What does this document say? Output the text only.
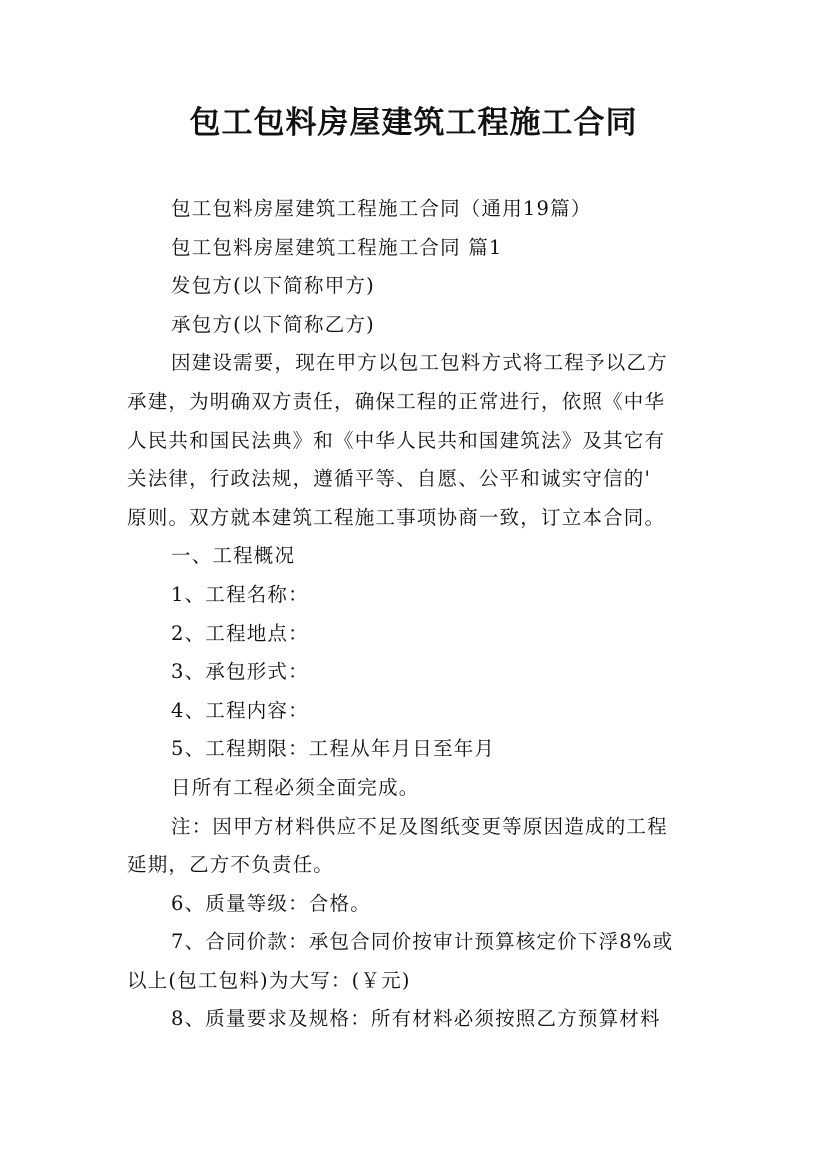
包工包料房屋建筑工程施工合同
包工包料房屋建筑工程施工合同（通用19篇）
包工包料房屋建筑工程施工合同 篇1
发包方(以下简称甲方)
承包方(以下简称乙方)
因建设需要，现在甲方以包工包料方式将工程予以乙方
承建，为明确双方责任，确保工程的正常进行，依照《中华
人民共和国民法典》和《中华人民共和国建筑法》及其它有
关法律，行政法规，遵循平等、自愿、公平和诚实守信的'
原则。双方就本建筑工程施工事项协商一致，订立本合同。
一、工程概况
1、工程名称：
2、工程地点：
3、承包形式：
4、工程内容：
5、工程期限：工程从年月日至年月
日所有工程必须全面完成。
注：因甲方材料供应不足及图纸变更等原因造成的工程
延期，乙方不负责任。
6、质量等级：合格。
7、合同价款：承包合同价按审计预算核定价下浮8%或
以上(包工包料)为大写：(￥元)
8、质量要求及规格：所有材料必须按照乙方预算材料
